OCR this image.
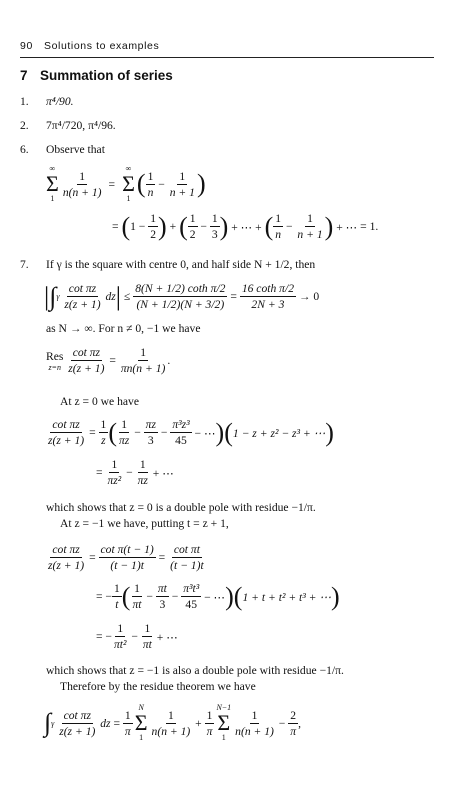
90 Solutions to examples
7 Summation of series
1. π⁴/90.
2. 7π⁴/720, π⁴/96.
6. Observe that
∞
Σ
$1 \frac{1}{n(n + 1)}$ =
∞
Σ
1
( $\frac{1}{n} - \frac{1}{n + 1}$ )
= ( $1 - \frac{1}{2}$ ) + ( $\frac{1}{2} - \frac{1}{3}$ ) + ⋯ + ( $\frac{1}{n} - \frac{1}{n + 1}$ ) + ⋯ = 1.
7. If γ is the square with centre 0, and half side N + 1/2, then
| ∫ γ
$\frac{\text{cot πz}}{z(z + 1)}$ dz | ≤ $\frac{\text{8(N + 1/2) coth π/2}}{(N + 1/2)(N + 3/2)} = \frac{\text{16 coth π/2}}{2N + 3}$
→ 0
as N → ∞. For n ≠ 0, −1 we have
Res
z=n
$\frac{\text{cot πz}}{z(z + 1)} = \frac{1}{\pi n(n + 1)}$ .
At z = 0 we have
$\frac{\text{cot πz}}{z(z + 1)} = \frac{1}{z}$ ( $\frac{1}{\pi z} - \frac{\pi z}{3} - \frac{\text{π³z³}}{45}$ − ⋯ ) ( 1 − z + z² − z³ + ⋯ )
= $\frac{1}{\text{πz²}} - \frac{1}{\pi z}$ + ⋯
which shows that z = 0 is a double pole with residue −1/π.
At z = −1 we have, putting t = z + 1,
$\frac{\text{cot πz}}{z(z + 1)} = \frac{\text{cot π(t − 1)}}{(t - 1)t} = \frac{\text{cot πt}}{(t - 1)t}$
= − $\frac{1}{t}$ ( $\frac{1}{\pi t} - \frac{\pi t}{3} - \frac{\text{π³t³}}{45}$ − ⋯ ) ( 1 + t + t² + t³ + ⋯ )
= − $\frac{1}{\text{πt²}} - \frac{1}{\pi t}$ + ⋯
which shows that z = −1 is also a double pole with residue −1/π.
Therefore by the residue theorem we have
∫ γ
$\frac{\text{cot πz}}{z(z + 1)}$ dz = $\frac{1}{\pi}$
N
Σ
$1 \frac{1}{n(n + 1)} + \frac{1}{\pi}$
N−1
Σ
$1 \frac{1}{n(n + 1)} - \frac{2}{\pi}$ ,
